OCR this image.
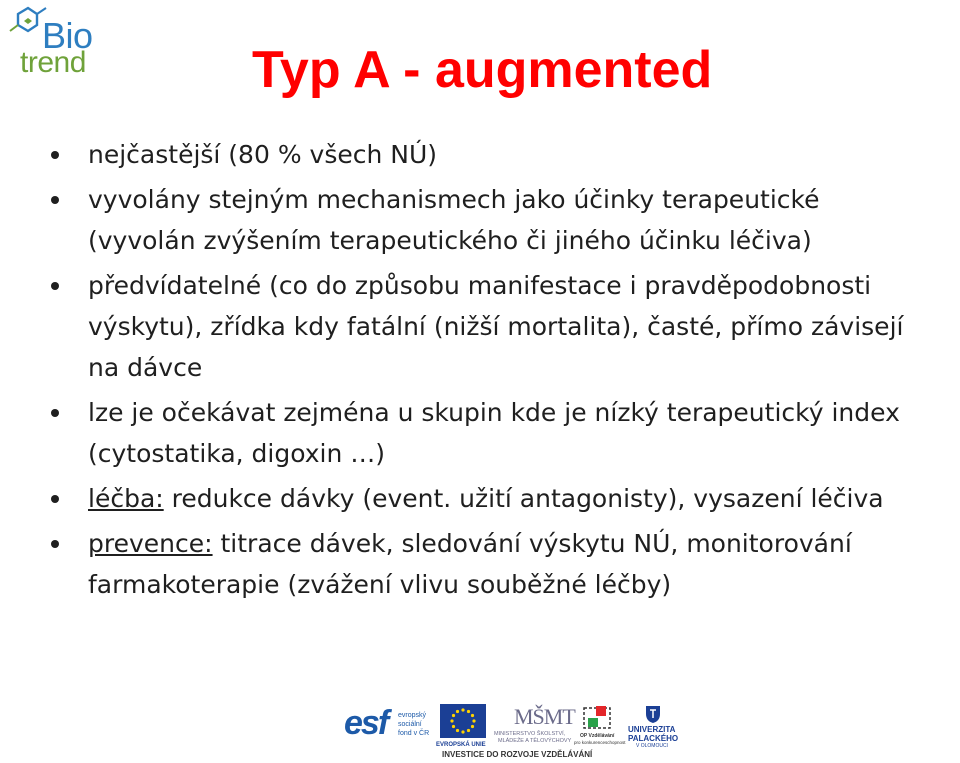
Bio
trend	Typ A - augmented
nejčastější (80 % všech NÚ)
vyvolány stejným mechanismech jako účinky terapeutické
(vyvolán zvýšením terapeutického či jiného účinku léčiva)
předvídatelné (co do způsobu manifestace i pravděpodobnosti
výskytu), zřídka kdy fatální (nižší mortalita), časté, přímo závisejí
na dávce
lze je očekávat zejména u skupin kde je nízký terapeutický index
(cytostatika, digoxin …)
léčba: redukce dávky (event. užití antagonisty), vysazení léčiva
prevence: titrace dávek, sledování výskytu NÚ, monitorování
farmakoterapie (zvážení vlivu souběžné léčby)
esf evropský
sociální
fond v ČR
EVROPSKÁ UNIE
MŠMT
MINISTERSTVO ŠKOLSTVÍ,
MLÁDEŽE A TĚLOVÝCHOVY
OP Vzdělávání
pro konkurenceschopnost
UNIVERZITA
PALACKÉHO
V OLOMOUCI
INVESTICE DO ROZVOJE VZDĚLÁVÁNÍ
